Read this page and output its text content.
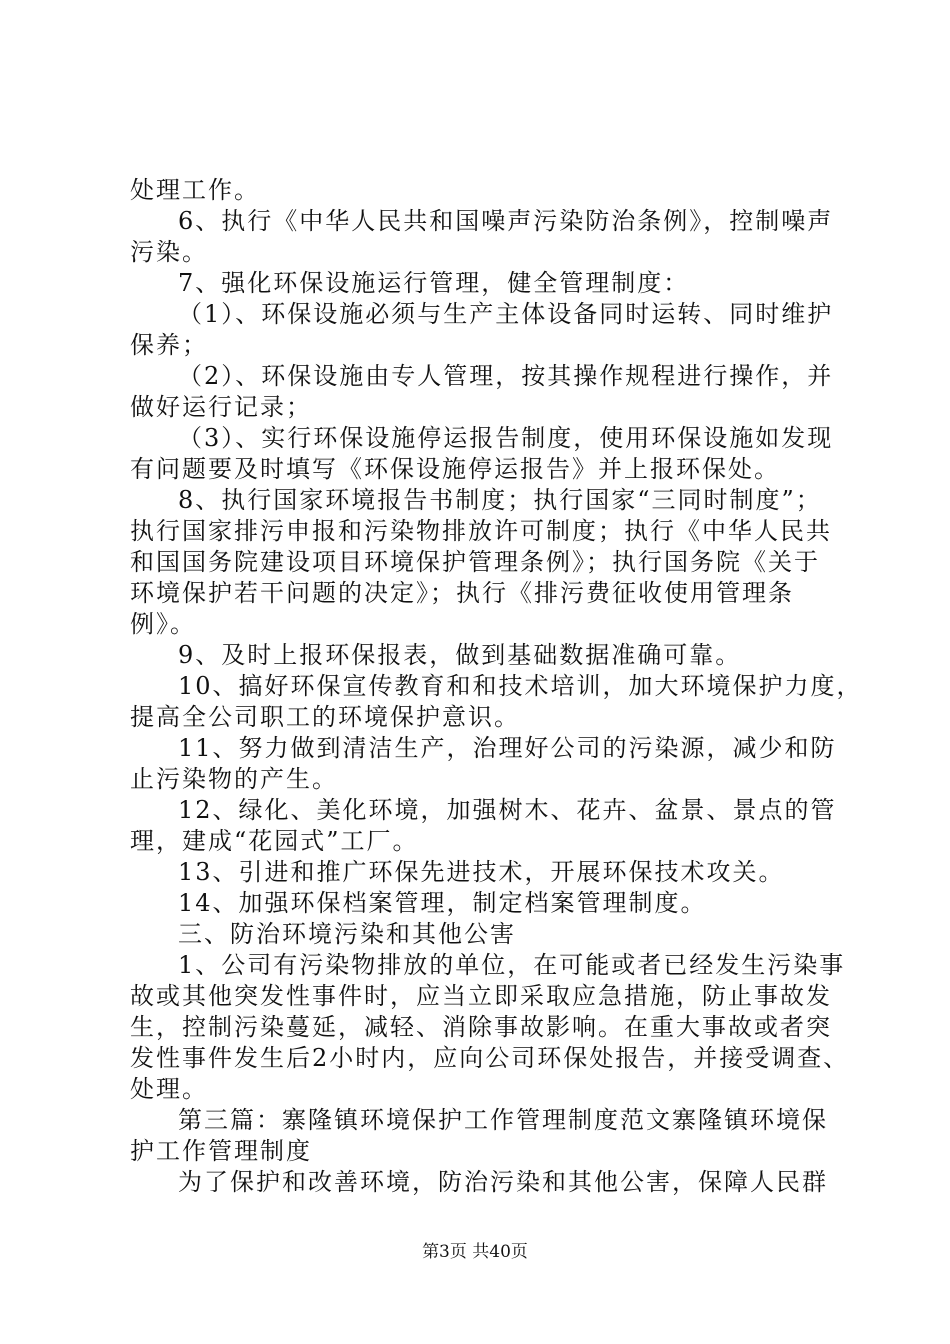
处理工作。

6、执行《中华人民共和国噪声污染防治条例》，控制噪声

污染。

7、强化环保设施运行管理，健全管理制度：

（1）、环保设施必须与生产主体设备同时运转、同时维护

保养；

（2）、环保设施由专人管理，按其操作规程进行操作，并

做好运行记录；

（3）、实行环保设施停运报告制度，使用环保设施如发现

有问题要及时填写《环保设施停运报告》并上报环保处。

8、执行国家环境报告书制度；执行国家“三同时制度”；

执行国家排污申报和污染物排放许可制度；执行《中华人民共

和国国务院建设项目环境保护管理条例》；执行国务院《关于

环境保护若干问题的决定》；执行《排污费征收使用管理条

例》。

9、及时上报环保报表，做到基础数据准确可靠。

10、搞好环保宣传教育和和技术培训，加大环境保护力度，

提高全公司职工的环境保护意识。

11、努力做到清洁生产，治理好公司的污染源，减少和防

止污染物的产生。

12、绿化、美化环境，加强树木、花卉、盆景、景点的管

理，建成“花园式”工厂。

13、引进和推广环保先进技术，开展环保技术攻关。

14、加强环保档案管理，制定档案管理制度。

三、防治环境污染和其他公害

1、公司有污染物排放的单位，在可能或者已经发生污染事

故或其他突发性事件时，应当立即采取应急措施，防止事故发

生，控制污染蔓延，减轻、消除事故影响。在重大事故或者突

发性事件发生后2小时内，应向公司环保处报告，并接受调查、

处理。

第三篇：寨隆镇环境保护工作管理制度范文寨隆镇环境保

护工作管理制度

为了保护和改善环境，防治污染和其他公害，保障人民群

第3页 共40页
